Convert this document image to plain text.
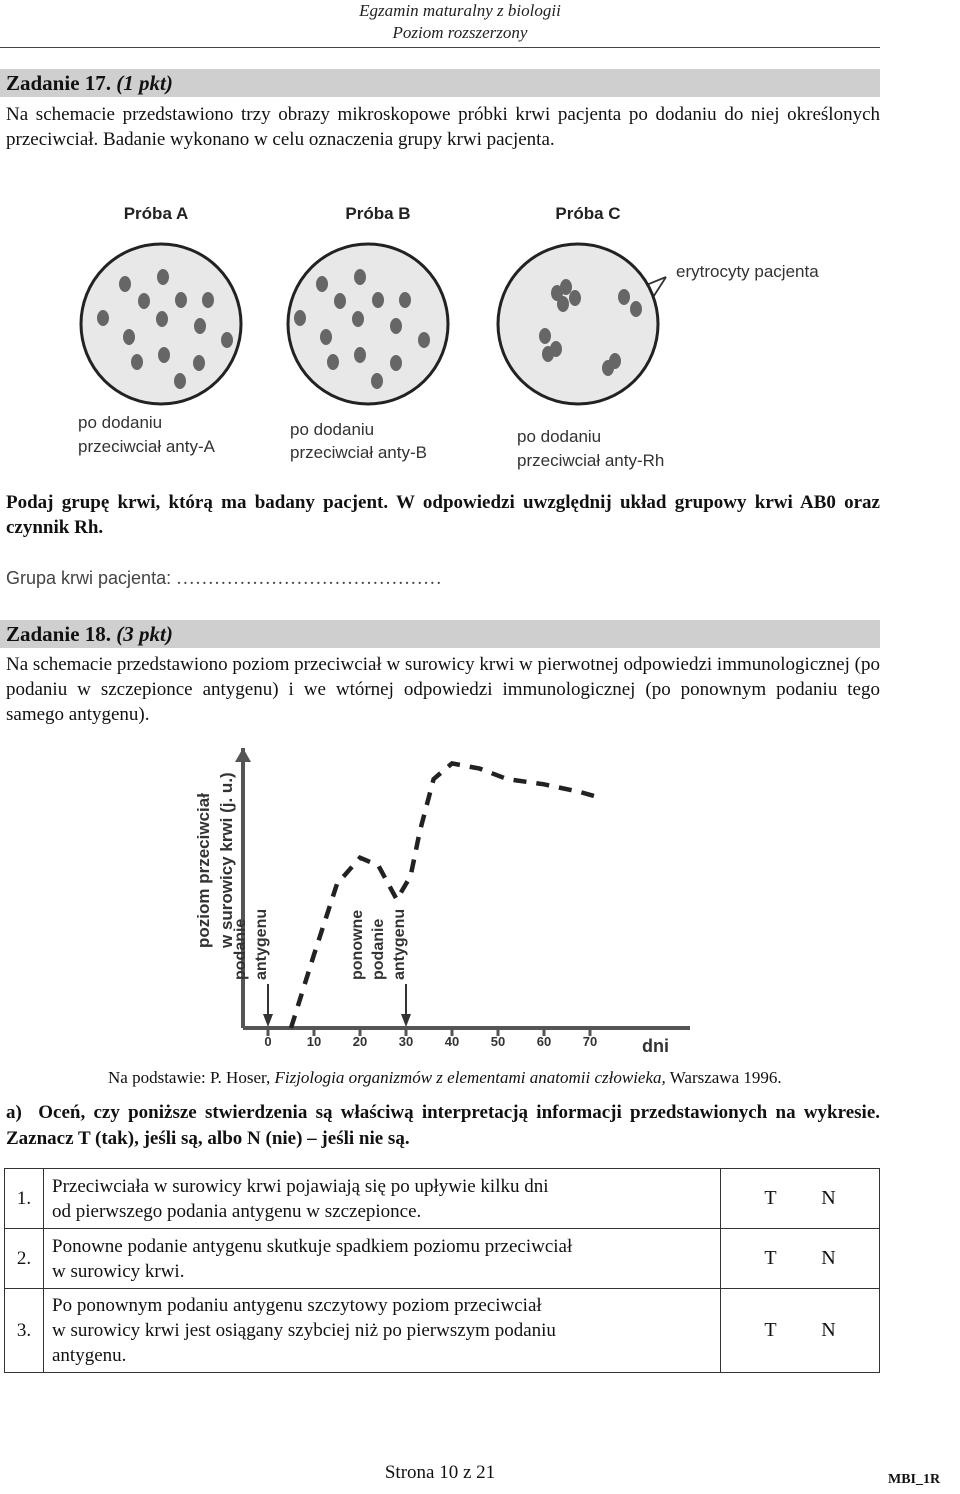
Egzamin maturalny z biologii
Poziom rozszerzony
Zadanie 17. (1 pkt)
Na schemacie przedstawiono trzy obrazy mikroskopowe próbki krwi pacjenta po dodaniu do niej określonych przeciwciał. Badanie wykonano w celu oznaczenia grupy krwi pacjenta.
Próba A	Próba B	Próba C
erytrocyty pacjenta
po dodaniu
przeciwciał anty-A
po dodaniu
przeciwciał anty-B
po dodaniu
przeciwciał anty-Rh
Podaj grupę krwi, którą ma badany pacjent. W odpowiedzi uwzględnij układ grupowy krwi AB0 oraz czynnik Rh.
Grupa krwi pacjenta: ……………………………………
Zadanie 18. (3 pkt)
Na schemacie przedstawiono poziom przeciwciał w surowicy krwi w pierwotnej odpowiedzi immunologicznej (po podaniu w szczepionce antygenu) i we wtórnej odpowiedzi immunologicznej (po ponownym podaniu tego samego antygenu).
poziom przeciwciał w surowicy krwi (j. u.)
dni
0	10 20 30 40 50 60 70
podanie antygenu	ponowne podanie antygenu
Na podstawie: P. Hoser, Fizjologia organizmów z elementami anatomii człowieka, Warszawa 1996.
a) Oceń, czy poniższe stwierdzenia są właściwą interpretacją informacji przedstawionych na wykresie. Zaznacz T (tak), jeśli są, albo N (nie) – jeśli nie są.
1.	Przeciwciała w surowicy krwi pojawiają się po upływie kilku dni
od pierwszego podania antygenu w szczepionce.	T N
2.	Ponowne podanie antygenu skutkuje spadkiem poziomu przeciwciał
w surowicy krwi.	T N
3.	Po ponownym podaniu antygenu szczytowy poziom przeciwciał
w surowicy krwi jest osiągany szybciej niż po pierwszym podaniu
antygenu.	T N
Strona 10 z 21	MBI_1R
